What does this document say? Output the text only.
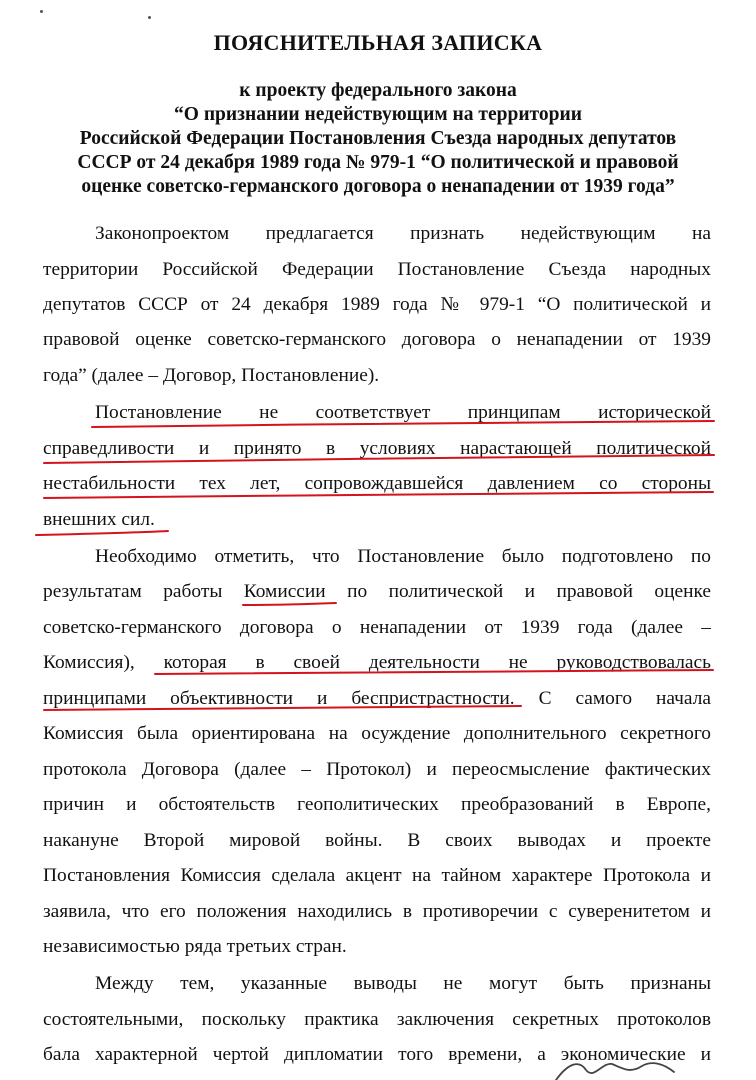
ПОЯСНИТЕЛЬНАЯ ЗАПИСКА
к проекту федерального закона
“О признании недействующим на территории
Российской Федерации Постановления Съезда народных депутатов
СССР от 24 декабря 1989 года № 979-1 “О политической и правовой
оценке советско-германского договора о ненападении от 1939 года”
Законопроектом предлагается признать недействующим на
территории Российской Федерации Постановление Съезда народных
депутатов СССР от 24 декабря 1989 года № 979-1 “О политической и
правовой оценке советско-германского договора о ненападении от 1939
года” (далее – Договор, Постановление).
Постановление не соответствует принципам исторической
справедливости и принято в условиях нарастающей политической
нестабильности тех лет, сопровождавшейся давлением со стороны
внешних сил.
Необходимо отметить, что Постановление было подготовлено по
результатам работы Комиссии по политической и правовой оценке
советско-германского договора о ненападении от 1939 года (далее –
Комиссия), которая в своей деятельности не руководствовалась
принципами объективности и беспристрастности. С самого начала
Комиссия была ориентирована на осуждение дополнительного секретного
протокола Договора (далее – Протокол) и переосмысление фактических
причин и обстоятельств геополитических преобразований в Европе,
накануне Второй мировой войны. В своих выводах и проекте
Постановления Комиссия сделала акцент на тайном характере Протокола и
заявила, что его положения находились в противоречии с суверенитетом и
независимостью ряда третьих стран.
Между тем, указанные выводы не могут быть признаны
состоятельными, поскольку практика заключения секретных протоколов
бала характерной чертой дипломатии того времени, а экономические и
